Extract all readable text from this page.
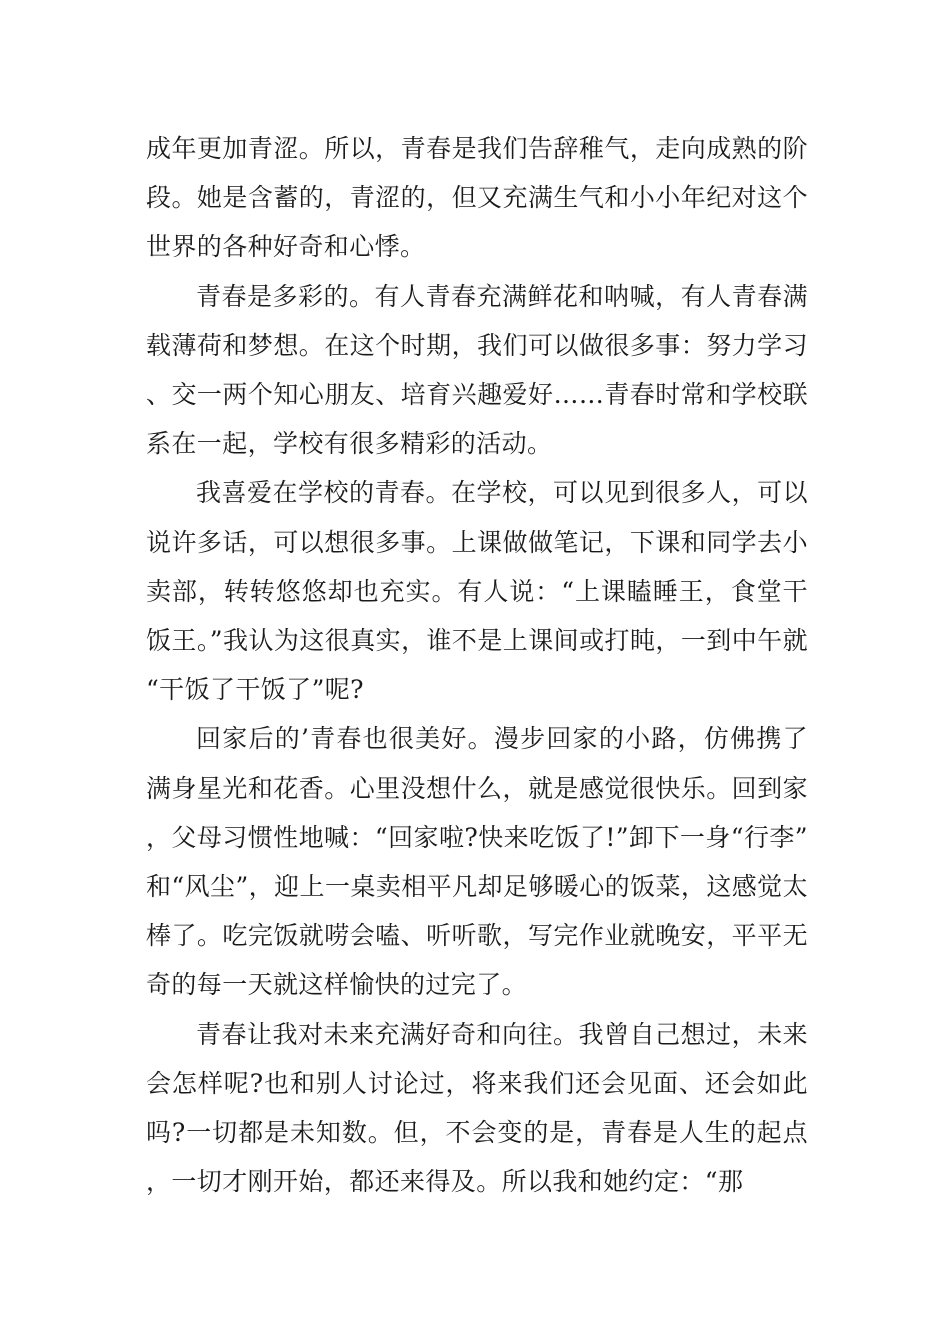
成年更加青涩。所以，青春是我们告辞稚气，走向成熟的阶段。她是含蓄的，青涩的，但又充满生气和小小年纪对这个世界的各种好奇和心悸。

青春是多彩的。有人青春充满鲜花和呐喊，有人青春满载薄荷和梦想。在这个时期，我们可以做很多事：努力学习、交一两个知心朋友、培育兴趣爱好……青春时常和学校联系在一起，学校有很多精彩的活动。

我喜爱在学校的青春。在学校，可以见到很多人，可以说许多话，可以想很多事。上课做做笔记，下课和同学去小卖部，转转悠悠却也充实。有人说：“上课瞌睡王，食堂干饭王。”我认为这很真实，谁不是上课间或打盹，一到中午就“干饭了干饭了”呢?

回家后的’青春也很美好。漫步回家的小路，仿佛携了满身星光和花香。心里没想什么，就是感觉很快乐。回到家，父母习惯性地喊：“回家啦?快来吃饭了!”卸下一身“行李”和“风尘”，迎上一桌卖相平凡却足够暖心的饭菜，这感觉太棒了。吃完饭就唠会嗑、听听歌，写完作业就晚安，平平无奇的每一天就这样愉快的过完了。

青春让我对未来充满好奇和向往。我曾自己想过，未来会怎样呢?也和别人讨论过，将来我们还会见面、还会如此吗?一切都是未知数。但，不会变的是，青春是人生的起点，一切才刚开始，都还来得及。所以我和她约定：“那
